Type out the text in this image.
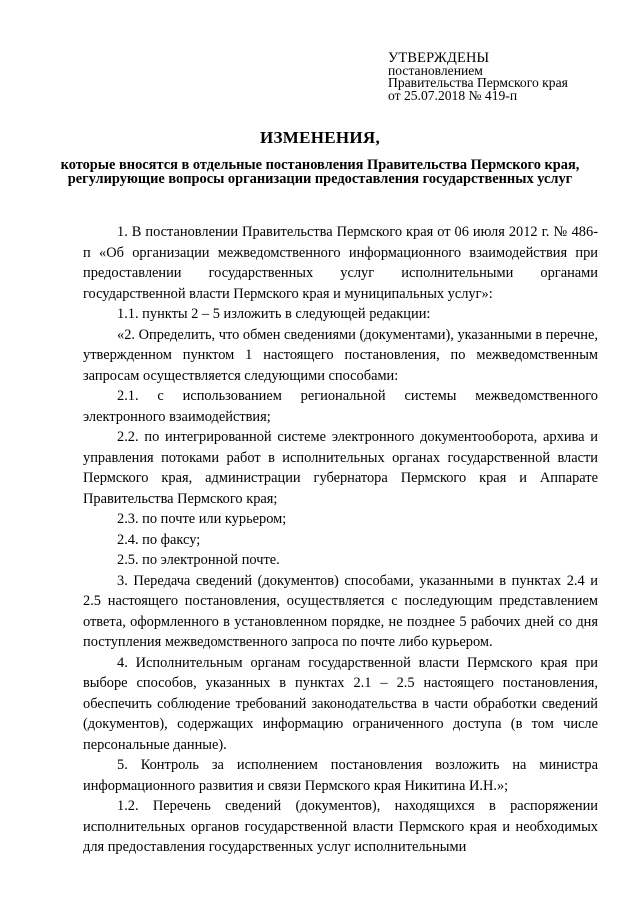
УТВЕРЖДЕНЫ
постановлением
Правительства Пермского края
от 25.07.2018 № 419-п
ИЗМЕНЕНИЯ,
которые вносятся в отдельные постановления Правительства Пермского края, регулирующие вопросы организации предоставления государственных услуг

1. В постановлении Правительства Пермского края от 06 июля 2012 г. № 486-п «Об организации межведомственного информационного взаимодействия при предоставлении государственных услуг исполнительными органами государственной власти Пермского края и муниципальных услуг»:

1.1. пункты 2 – 5 изложить в следующей редакции:

«2. Определить, что обмен сведениями (документами), указанными в перечне, утвержденном пунктом 1 настоящего постановления, по межведомственным запросам осуществляется следующими способами:

2.1. с использованием региональной системы межведомственного электронного взаимодействия;

2.2. по интегрированной системе электронного документооборота, архива и управления потоками работ в исполнительных органах государственной власти Пермского края, администрации губернатора Пермского края и Аппарате Правительства Пермского края;

2.3. по почте или курьером;

2.4. по факсу;

2.5. по электронной почте.

3. Передача сведений (документов) способами, указанными в пунктах 2.4 и 2.5 настоящего постановления, осуществляется с последующим представлением ответа, оформленного в установленном порядке, не позднее 5 рабочих дней со дня поступления межведомственного запроса по почте либо курьером.

4. Исполнительным органам государственной власти Пермского края при выборе способов, указанных в пунктах 2.1 – 2.5 настоящего постановления, обеспечить соблюдение требований законодательства в части обработки сведений (документов), содержащих информацию ограниченного доступа (в том числе персональные данные).

5. Контроль за исполнением постановления возложить на министра информационного развития и связи Пермского края Никитина И.Н.»;

1.2. Перечень сведений (документов), находящихся в распоряжении исполнительных органов государственной власти Пермского края и необходимых для предоставления государственных услуг исполнительными
